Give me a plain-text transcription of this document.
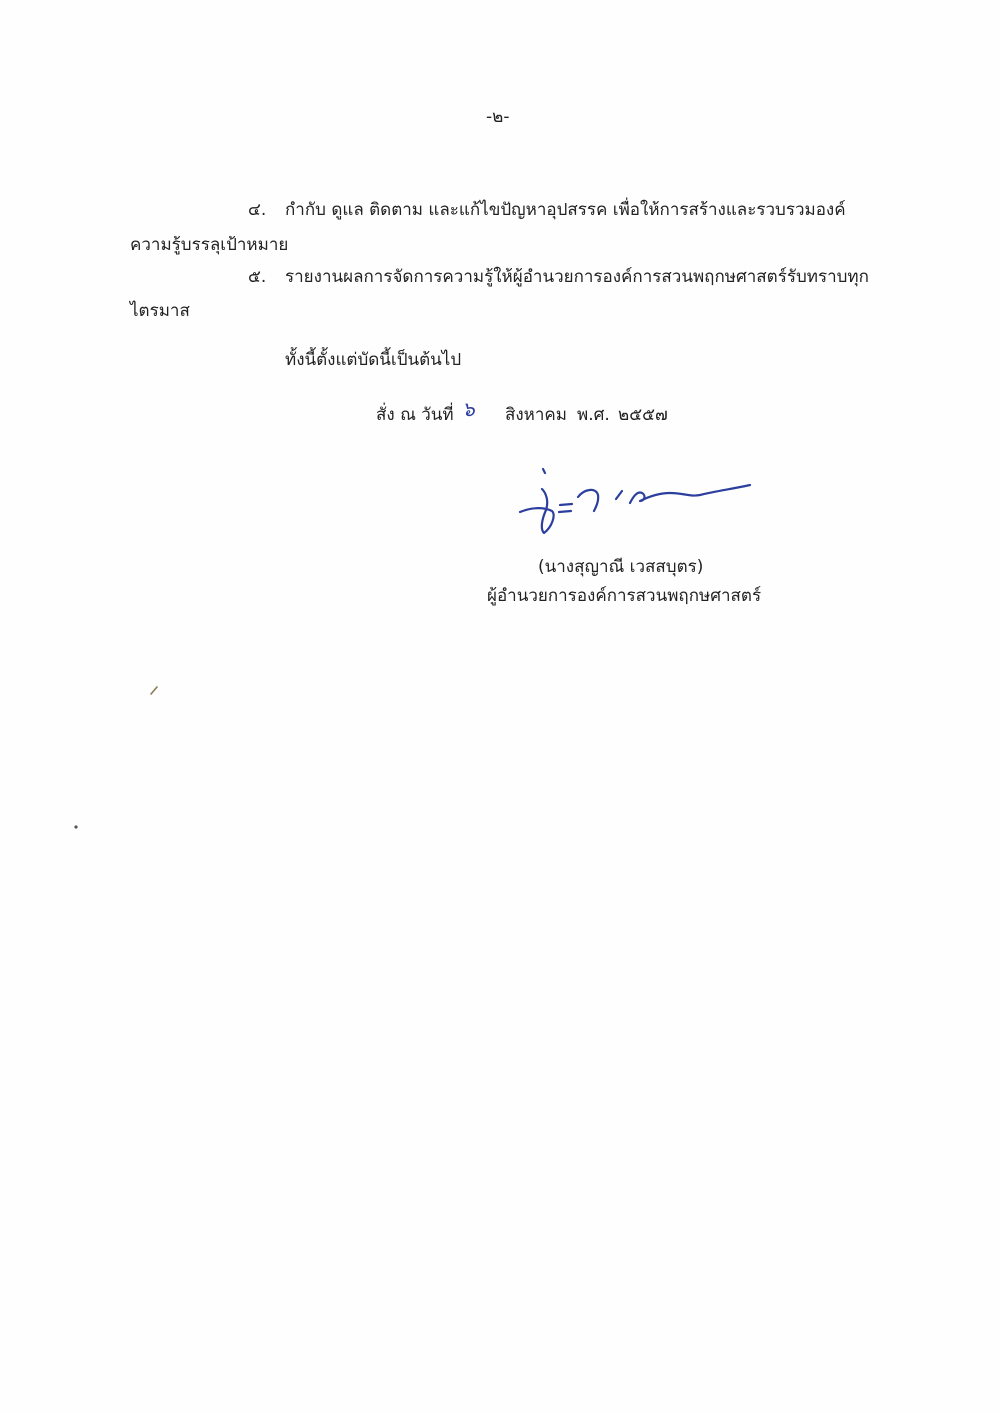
-๒-
๔. กำกับ ดูแล ติดตาม และแก้ไขปัญหาอุปสรรค เพื่อให้การสร้างและรวบรวมองค์
ความรู้บรรลุเป้าหมาย
๕. รายงานผลการจัดการความรู้ให้ผู้อำนวยการองค์การสวนพฤกษศาสตร์รับทราบทุก
ไตรมาส
ทั้งนี้ตั้งแต่บัดนี้เป็นต้นไป
สั่ง ณ วันที่ ๖ สิงหาคม พ.ศ. ๒๕๕๗
(นางสุญาณี เวสสบุตร)
ผู้อำนวยการองค์การสวนพฤกษศาสตร์
